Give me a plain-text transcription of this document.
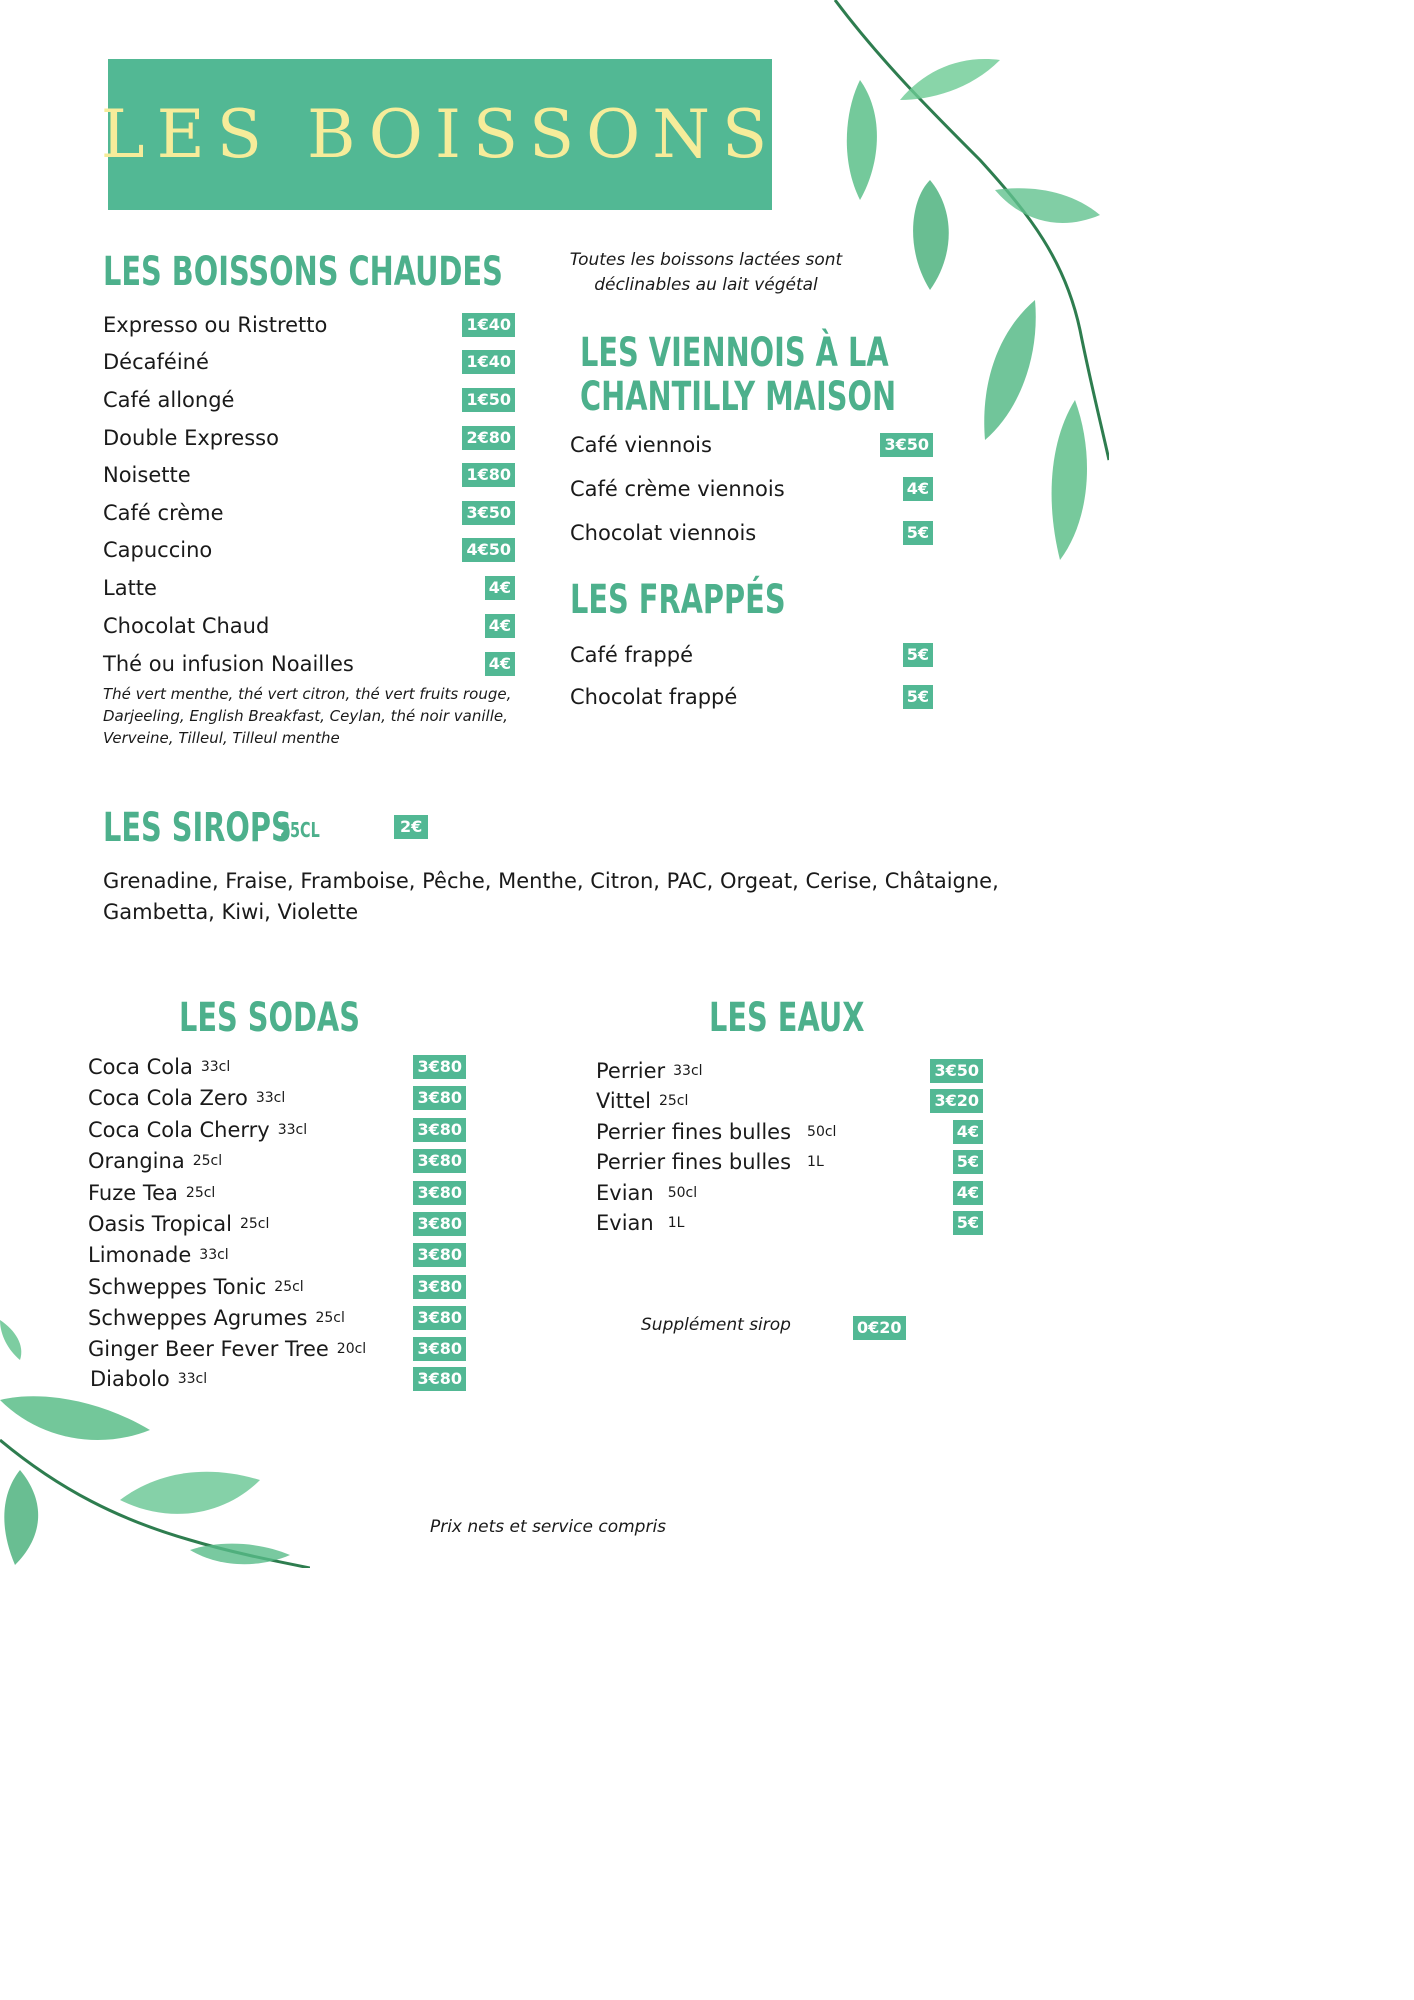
LES BOISSONS
LES BOISSONS CHAUDES
Expresso ou Ristretto	1€40
Décaféiné	1€40
Café allongé	1€50
Double Expresso	2€80
Noisette	1€80
Café crème	3€50
Capuccino	4€50
Latte	4€
Chocolat Chaud	4€
Thé ou infusion Noailles	4€
Thé vert menthe, thé vert citron, thé vert fruits rouge, Darjeeling, English Breakfast, Ceylan, thé noir vanille, Verveine, Tilleul, Tilleul menthe
Toutes les boissons lactées sont déclinables au lait végétal
LES VIENNOIS À LA
CHANTILLY MAISON
Café viennois	3€50
Café crème viennois	4€
Chocolat viennois	5€
LES FRAPPÉS
Café frappé	5€
Chocolat frappé	5€
LES SIROPS
25CL	2€
Grenadine, Fraise, Framboise, Pêche, Menthe, Citron, PAC, Orgeat, Cerise, Châtaigne, Gambetta, Kiwi, Violette
LES SODAS
Coca Cola 33cl	3€80
Coca Cola Zero 33cl	3€80
Coca Cola Cherry 33cl	3€80
Orangina 25cl	3€80
Fuze Tea 25cl	3€80
Oasis Tropical 25cl	3€80
Limonade 33cl	3€80
Schweppes Tonic 25cl	3€80
Schweppes Agrumes 25cl	3€80
Ginger Beer Fever Tree 20cl	3€80
Diabolo 33cl	3€80
LES EAUX
Perrier 33cl	3€50
Vittel 25cl	3€20
Perrier fines bulles 50cl	4€
Perrier fines bulles 1L	5€
Evian 50cl	4€
Evian 1L	5€
Supplément sirop	0€20
Prix nets et service compris
